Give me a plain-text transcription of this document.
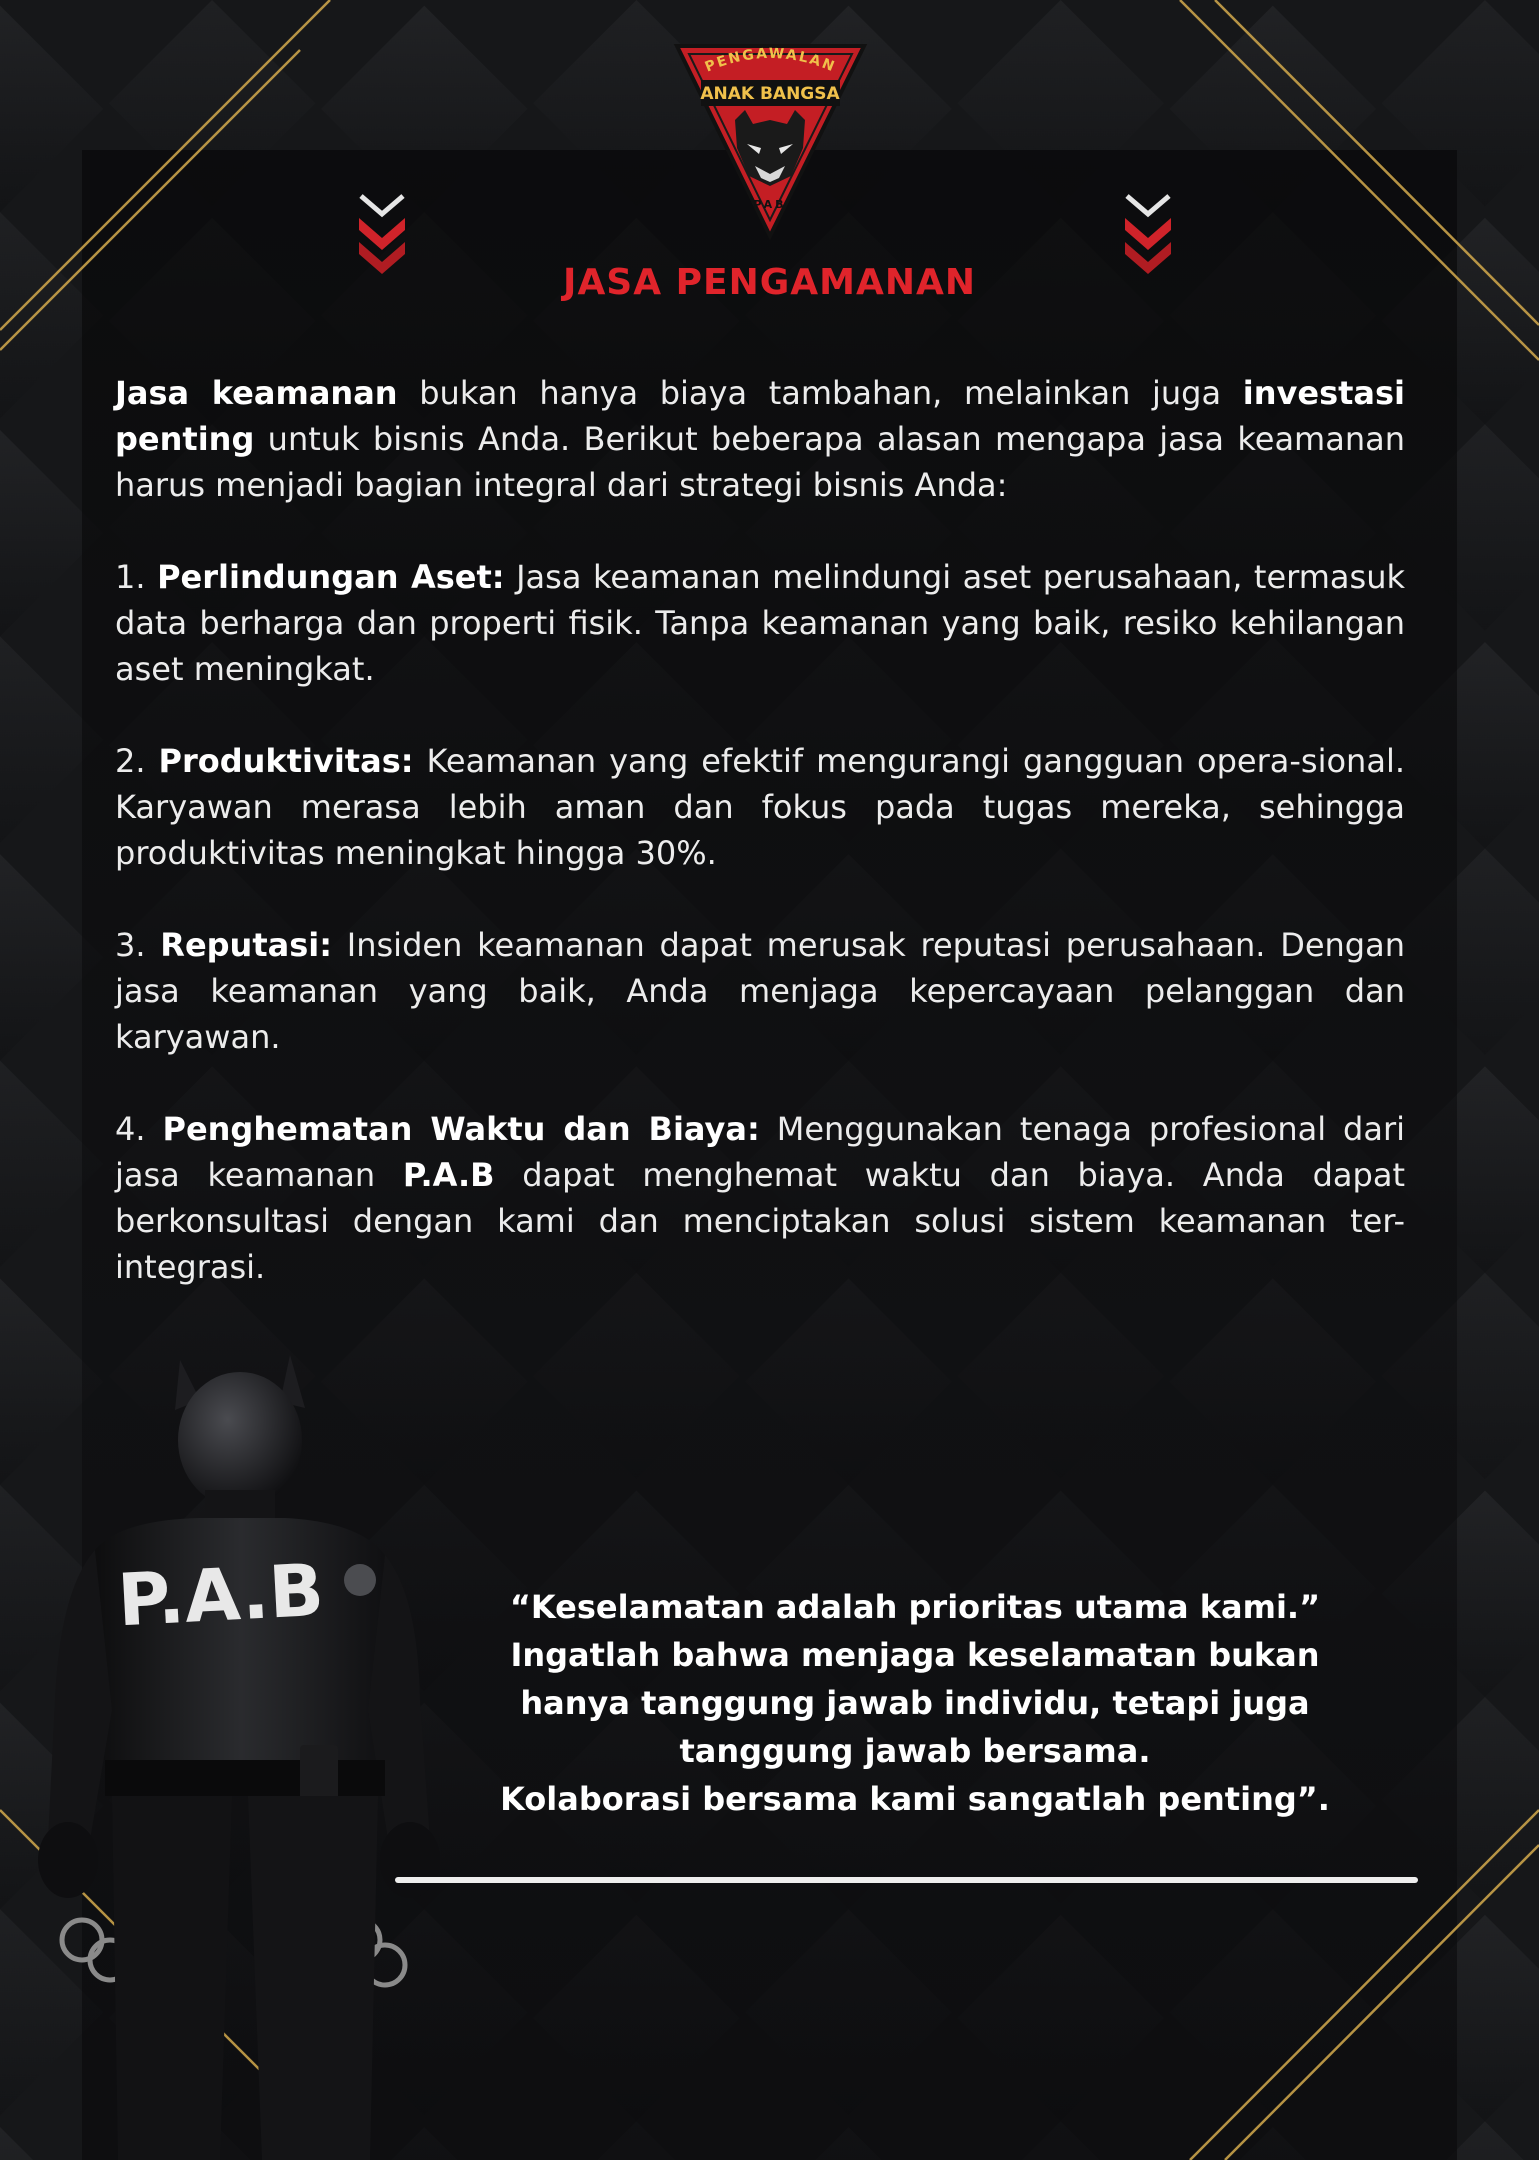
PENGAWALAN
ANAK BANGSA
PAB
JASA PENGAMANAN

Jasa keamanan bukan hanya biaya tambahan, melainkan juga investasi penting untuk bisnis Anda. Berikut beberapa alasan mengapa jasa keamanan harus menjadi bagian integral dari strategi bisnis Anda:

1. Perlindungan Aset: Jasa keamanan melindungi aset perusahaan, termasuk data berharga dan properti fisik. Tanpa keamanan yang baik, resiko kehilangan aset meningkat.

2. Produktivitas: Keamanan yang efektif mengurangi gangguan opera-sional. Karyawan merasa lebih aman dan fokus pada tugas mereka, sehingga produktivitas meningkat hingga 30%.

3. Reputasi: Insiden keamanan dapat merusak reputasi perusahaan. Dengan jasa keamanan yang baik, Anda menjaga kepercayaan pelanggan dan karyawan.

4. Penghematan Waktu dan Biaya: Menggunakan tenaga profesional dari jasa keamanan P.A.B dapat menghemat waktu dan biaya. Anda dapat berkonsultasi dengan kami dan menciptakan solusi sistem keamanan ter-integrasi.

P.A.B	“Keselamatan adalah prioritas utama kami.”
Ingatlah bahwa menjaga keselamatan bukan
hanya tanggung jawab individu, tetapi juga
tanggung jawab bersama.
Kolaborasi bersama kami sangatlah penting”.
